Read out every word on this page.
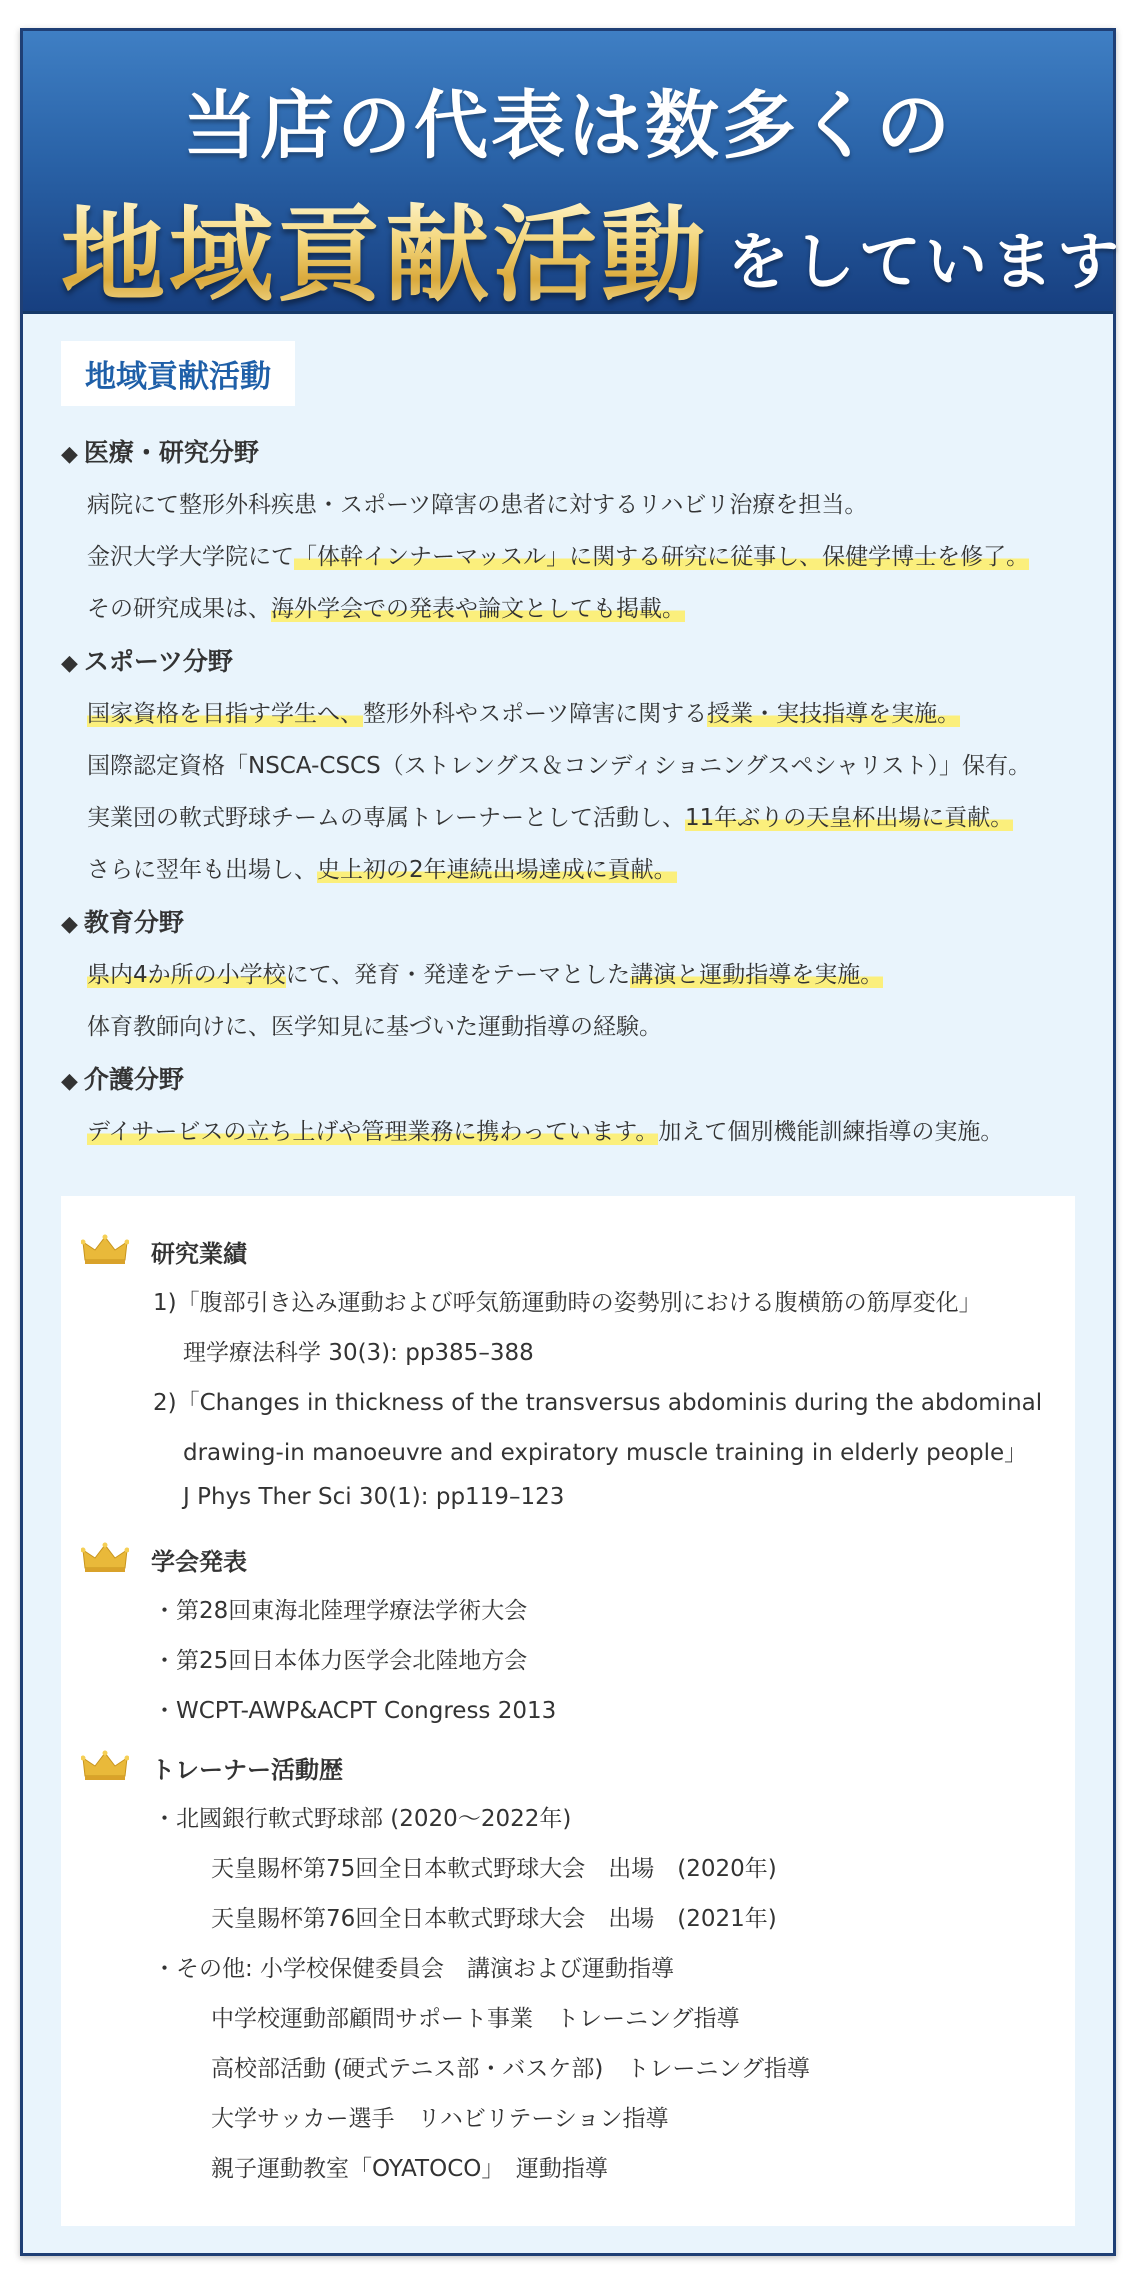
当店の代表は数多くの
地域貢献活動 をしています
地域貢献活動
◆ 医療・研究分野
病院にて整形外科疾患・スポーツ障害の患者に対するリハビリ治療を担当。
金沢大学大学院にて「体幹インナーマッスル」に関する研究に従事し、保健学博士を修了。
その研究成果は、海外学会での発表や論文としても掲載。
◆ スポーツ分野
国家資格を目指す学生へ、整形外科やスポーツ障害に関する授業・実技指導を実施。
国際認定資格「NSCA-CSCS（ストレングス＆コンディショニングスペシャリスト）」保有。
実業団の軟式野球チームの専属トレーナーとして活動し、11年ぶりの天皇杯出場に貢献。
さらに翌年も出場し、史上初の2年連続出場達成に貢献。
◆ 教育分野
県内4か所の小学校にて、発育・発達をテーマとした講演と運動指導を実施。
体育教師向けに、医学知見に基づいた運動指導の経験。
◆ 介護分野
デイサービスの立ち上げや管理業務に携わっています。加えて個別機能訓練指導の実施。
研究業績
1)「腹部引き込み運動および呼気筋運動時の姿勢別における腹横筋の筋厚変化」
理学療法科学 30(3): pp385–388
2)「Changes in thickness of the transversus abdominis during the abdominal
drawing-in manoeuvre and expiratory muscle training in elderly people」
J Phys Ther Sci 30(1): pp119–123
学会発表
・第28回東海北陸理学療法学術大会
・第25回日本体力医学会北陸地方会
・WCPT-AWP&ACPT Congress 2013
トレーナー活動歴
・北國銀行軟式野球部 (2020〜2022年)
天皇賜杯第75回全日本軟式野球大会　出場　(2020年)
天皇賜杯第76回全日本軟式野球大会　出場　(2021年)
・その他: 小学校保健委員会　講演および運動指導
中学校運動部顧問サポート事業　トレーニング指導
高校部活動 (硬式テニス部・バスケ部)　トレーニング指導
大学サッカー選手　リハビリテーション指導
親子運動教室「OYATOCO」　運動指導
